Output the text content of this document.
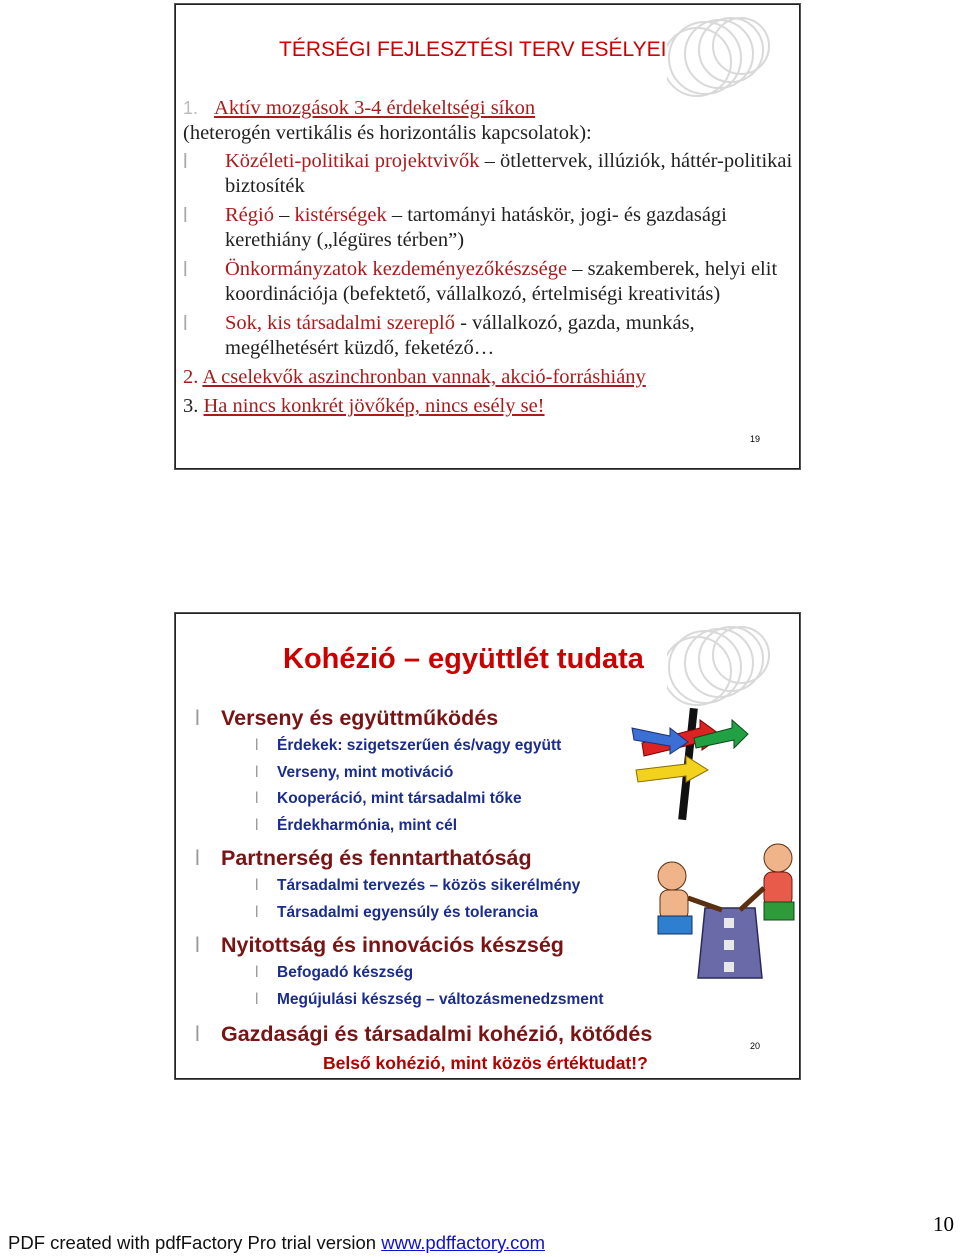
TÉRSÉGI FEJLESZTÉSI TERV ESÉLYEI
1. Aktív mozgások 3-4 érdekeltségi síkon
(heterogén vertikális és horizontális kapcsolatok):
l Közéleti-politikai projektvivők – ötlettervek, illúziók, háttér-politikai biztosíték
l Régió – kistérségek – tartományi hatáskör, jogi- és gazdasági kerethiány („légüres térben”)
l Önkormányzatok kezdeményezőkészsége – szakemberek, helyi elit koordinációja (befektető, vállalkozó, értelmiségi kreativitás)
l Sok, kis társadalmi szereplő - vállalkozó, gazda, munkás, megélhetésért küzdő, feketéző…
2. A cselekvők aszinchronban vannak, akció-forráshiány
3. Ha nincs konkrét jövőkép, nincs esély se!
19
Kohézió – együttlét tudata
l Verseny és együttműködés
l Érdekek: szigetszerűen és/vagy együtt
l Verseny, mint motiváció
l Kooperáció, mint társadalmi tőke
l Érdekharmónia, mint cél
l Partnerség és fenntarthatóság
l Társadalmi tervezés – közös sikerélmény
l Társadalmi egyensúly és tolerancia
l Nyitottság és innovációs készség
l Befogadó készség
l Megújulási készség – változásmenedzsment
l Gazdasági és társadalmi kohézió, kötődés
Belső kohézió, mint közös értéktudat!?
20
10
PDF created with pdfFactory Pro trial version www.pdffactory.com
